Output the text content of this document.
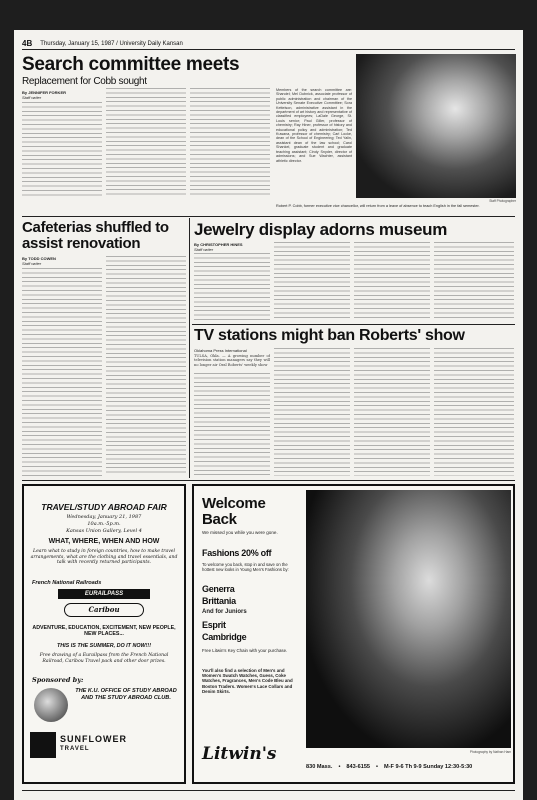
4B Thursday, January 15, 1987 / University Daily Kansan
Search committee meets
Replacement for Cobb sought
By JENNIFER FORKER
Staff writer
Members of the search committee are: Shandel; Mel Dubnick, associate professor of public administration and chairman of the University Senate Executive Committee; Sora Kettelson, administrative assistant in the department of art history and representative of classified employees; LaDale George, St. Louis senior; Paul Giller, professor of chemistry; Ray Hiner, professor of history and educational policy and administration; Ted Kuwana, professor of chemistry; Carl Locke, dean of the School of Engineering; Ted Yalin, assistant dean of the law school; Carol Shankel, graduate student and graduate teaching assistant; Cindy Snyder, director of admissions; and Sue Wachter, assistant athletic director.
Staff Photographer
Robert P. Cobb, former executive vice chancellor, will return from a leave of absence to teach English in the fall semester.
Cafeterias shuffled to assist renovation
By TODD COWEN
Staff writer
Jewelry display adorns museum
By CHRISTOPHER HINES
Staff writer
TV stations might ban Roberts' show
Oklahoma Press International
TULSA, Okla. — A growing number of television station managers say they will no longer air Oral Roberts' weekly show
TRAVEL/STUDY ABROAD FAIR
Wednesday, January 21, 1987
10a.m.-5p.m.
Kansas Union Gallery, Level 4
WHAT, WHERE, WHEN AND HOW
Learn what to study in foreign countries, how to make travel arrangements, what are the clothing and travel essentials, and talk with recently returned participants.
French National Railroads
EURAILPASS
Caribou
ADVENTURE, EDUCATION, EXCITEMENT, NEW PEOPLE, NEW PLACES...
THIS IS THE SUMMER, DO IT NOW!!!
Free drawing of a Eurailpass from the French National Railroad, Caribou Travel pack and other door prizes.
Sponsored by:
THE K.U. OFFICE OF STUDY ABROAD AND THE STUDY ABROAD CLUB.
SUNFLOWER
TRAVEL
Welcome Back
We missed you while you were gone.
Fashions 20% off
To welcome you back, stop in and save on the hottest new looks in Young Men's Fashions by:
Generra
Brittania
And for Juniors
Esprit
Cambridge
Free Litwin's Key Chain with your purchase.
You'll also find a selection of Men's and Women's Swatch Watches, Guess, Coke Watches, Fragrances, Men's Code Bleu and Boston Traders. Women's Lace Collars and Denim Skirts.
Litwin's	Photography by Nathan Ham
830 Mass. • 843-6155 • M-F 9-6 Th 9-9 Sunday 12:30-5:30
